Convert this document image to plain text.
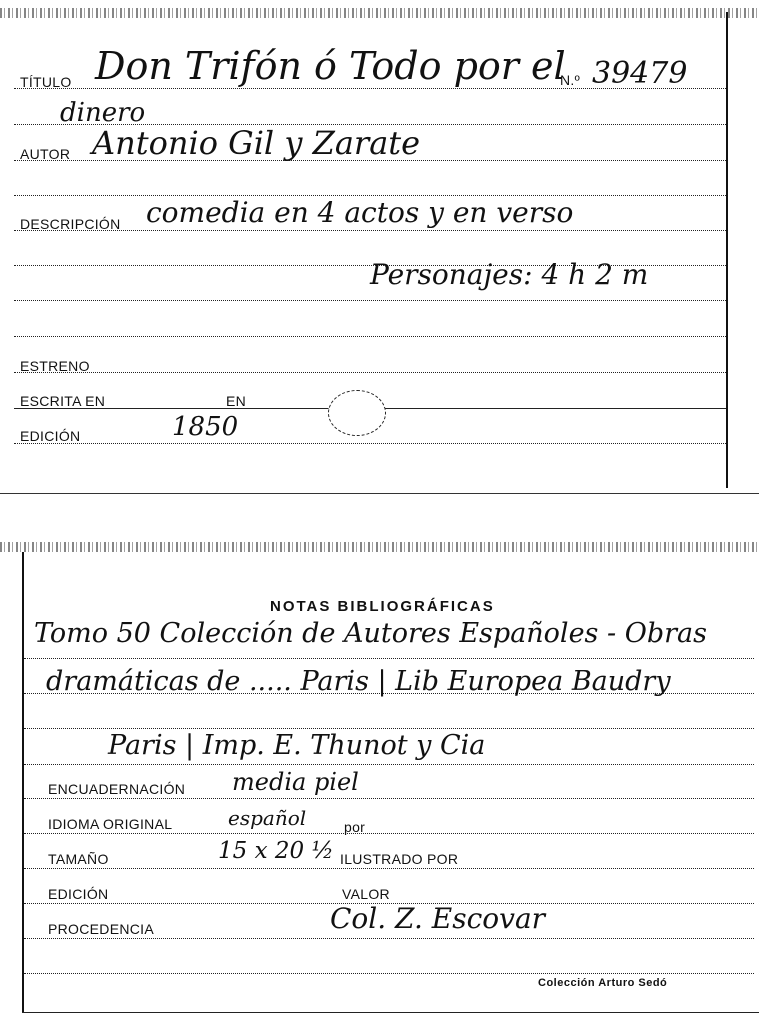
TÍTULO Don Trifón ó Todo por el
N.º 39479
dinero
AUTOR Antonio Gil y Zarate
DESCRIPCIÓN comedia en 4 actos y en verso
Personajes: 4 h 2 m
ESTRENO
ESCRITA EN	EN
EDICIÓN	1850
NOTAS BIBLIOGRÁFICAS
Tomo 50 Colección de Autores Españoles - Obras
dramáticas de ..... Paris | Lib Europea Baudry
Paris | Imp. E. Thunot y Cia
ENCUADERNACIÓN media piel
IDIOMA ORIGINAL	español	por
TAMAÑO	15 x 20 ½ ILUSTRADO POR
EDICIÓN	VALOR
PROCEDENCIA	Col. Z. Escovar
Colección Arturo Sedó
